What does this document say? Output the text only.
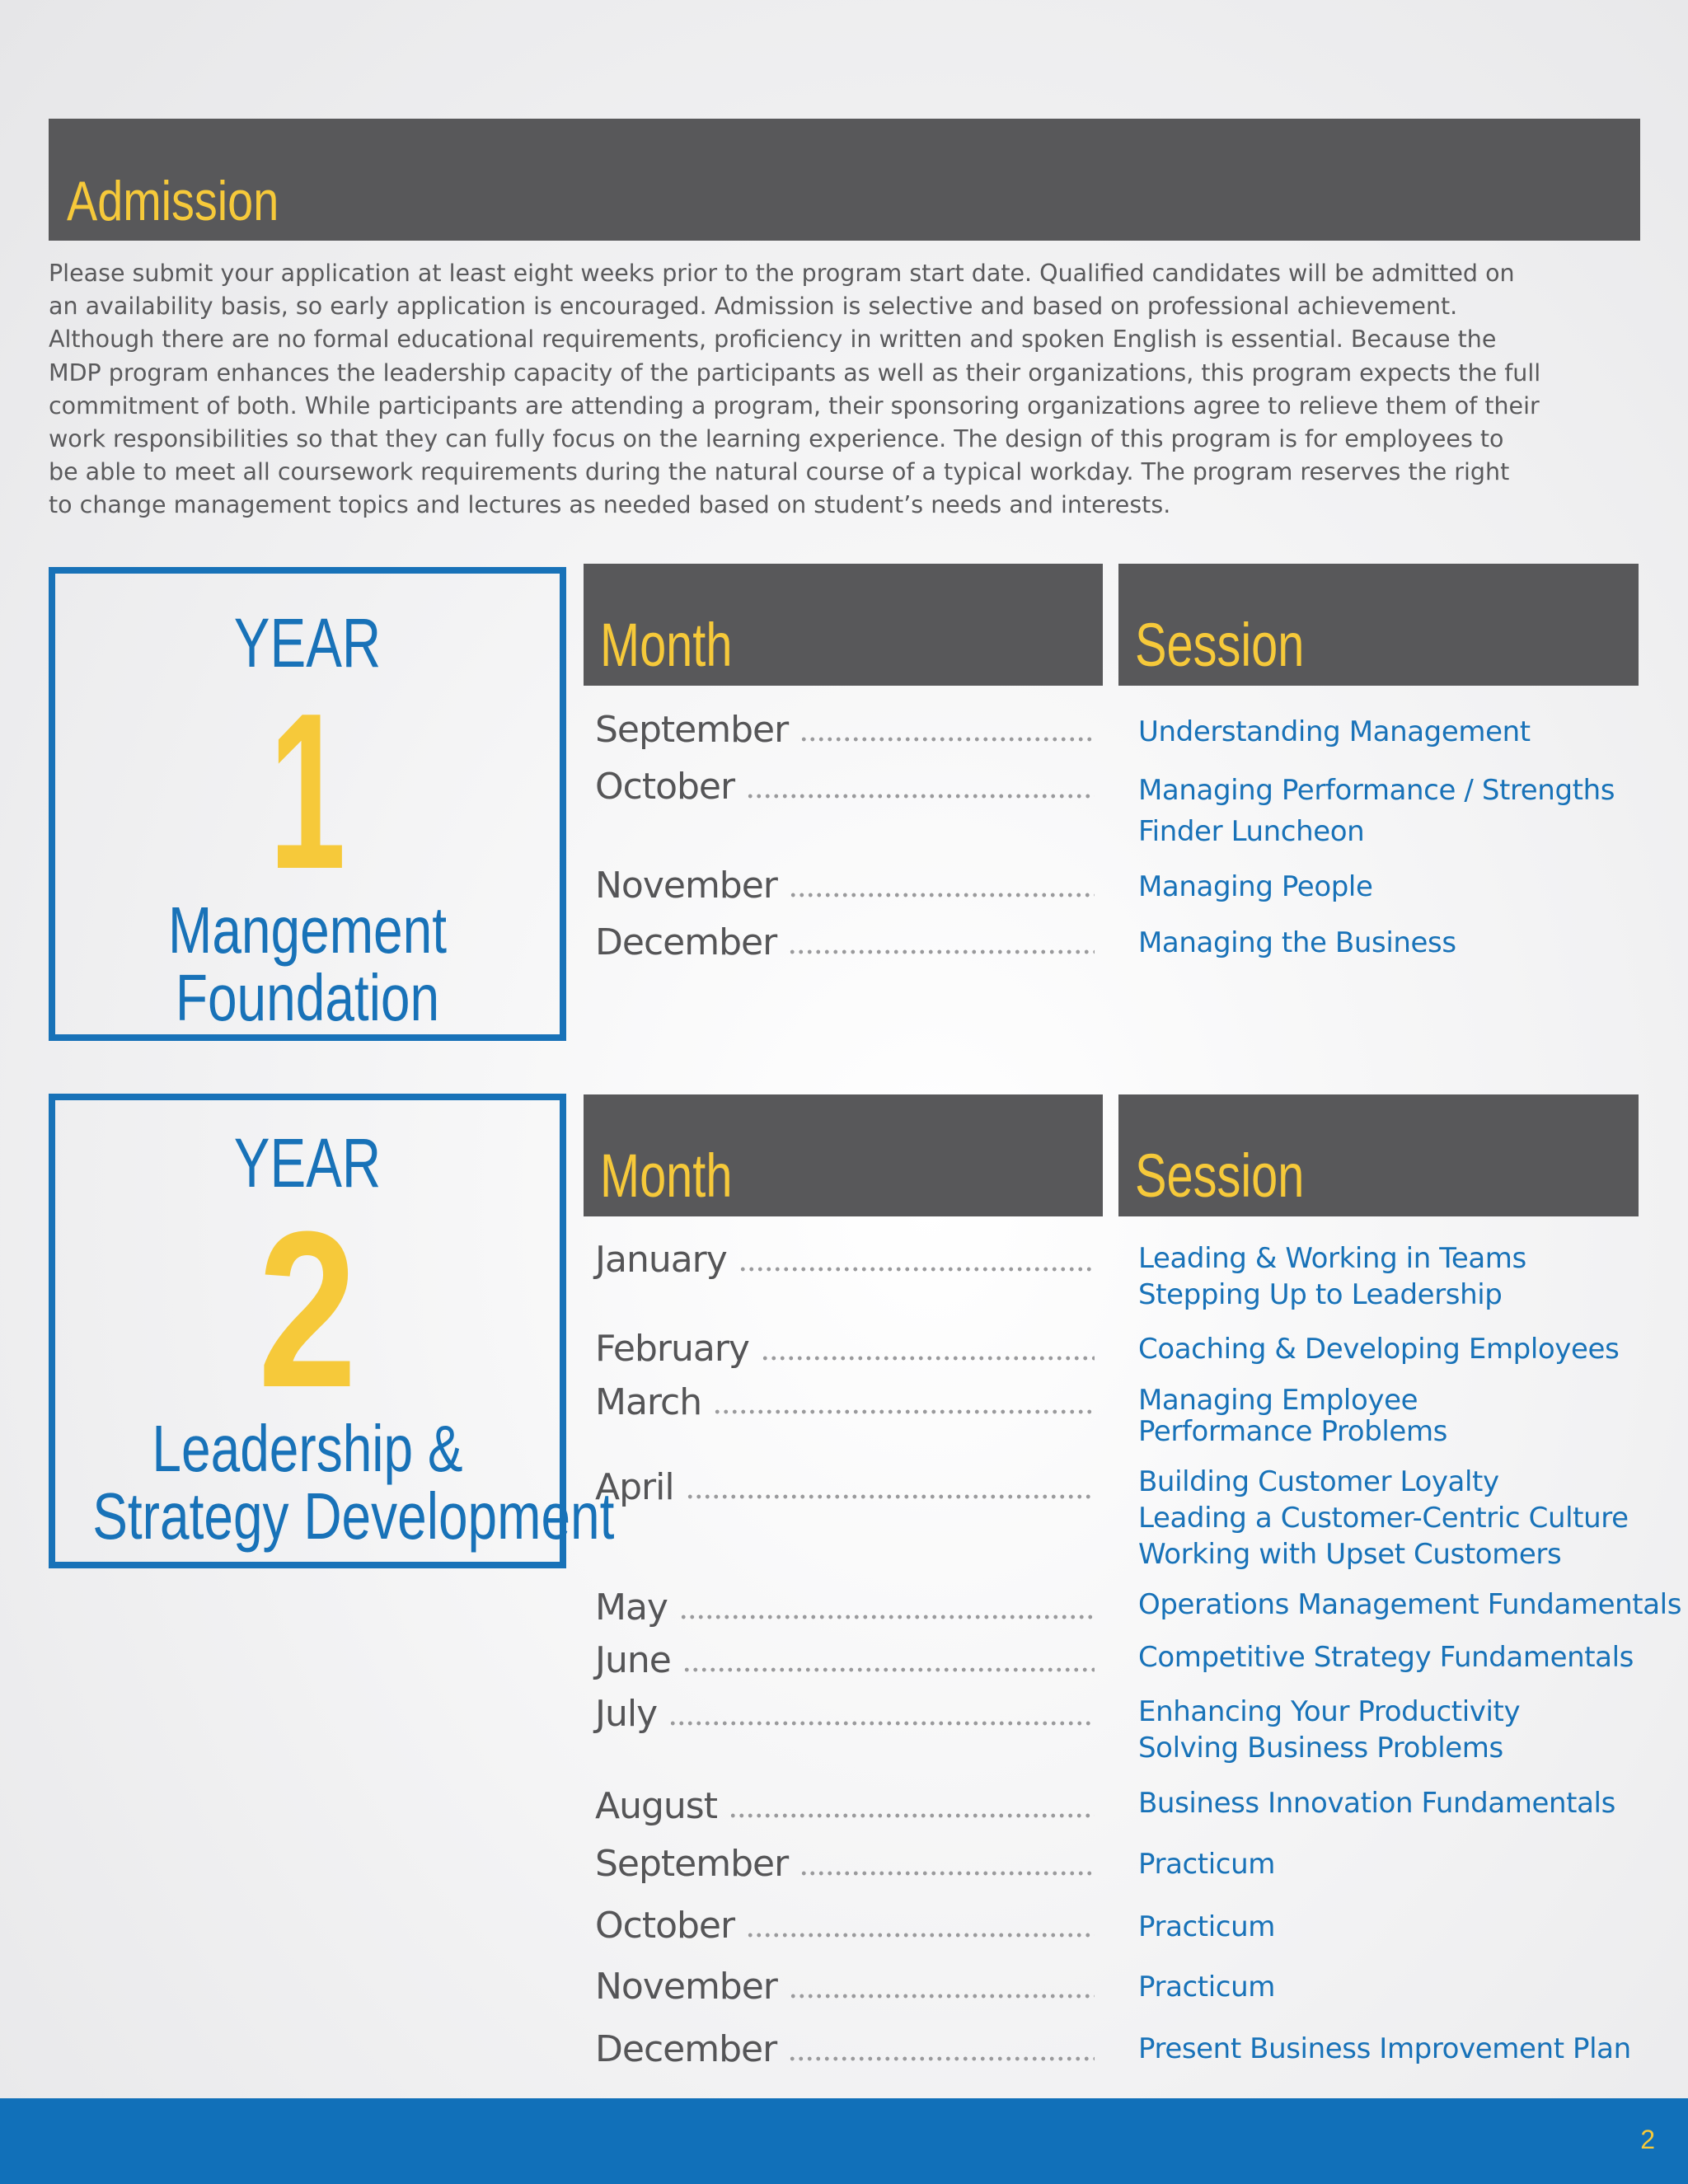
Admission

Please submit your application at least eight weeks prior to the program start date. Qualified candidates will be admitted on
an availability basis, so early application is encouraged. Admission is selective and based on professional achievement.
Although there are no formal educational requirements, proficiency in written and spoken English is essential. Because the
MDP program enhances the leadership capacity of the participants as well as their organizations, this program expects the full
commitment of both. While participants are attending a program, their sponsoring organizations agree to relieve them of their
work responsibilities so that they can fully focus on the learning experience. The design of this program is for employees to
be able to meet all coursework requirements during the natural course of a typical workday. The program reserves the right
to change management topics and lectures as needed based on student’s needs and interests.

YEAR
1
Mangement
Foundation
Month	Session
September	Understanding Management
October	Managing Performance / Strengths
Finder Luncheon
November	Managing People
December	Managing the Business
YEAR
2
Leadership &
Strategy Development
Month	Session
January	Leading & Working in Teams
Stepping Up to Leadership
February	Coaching & Developing Employees
March	Managing Employee
Performance Problems
April	Building Customer Loyalty
Leading a Customer-Centric Culture
Working with Upset Customers
May	Operations Management Fundamentals
June	Competitive Strategy Fundamentals
July	Enhancing Your Productivity
Solving Business Problems
August	Business Innovation Fundamentals
September	Practicum
October	Practicum
November	Practicum
December	Present Business Improvement Plan
2
